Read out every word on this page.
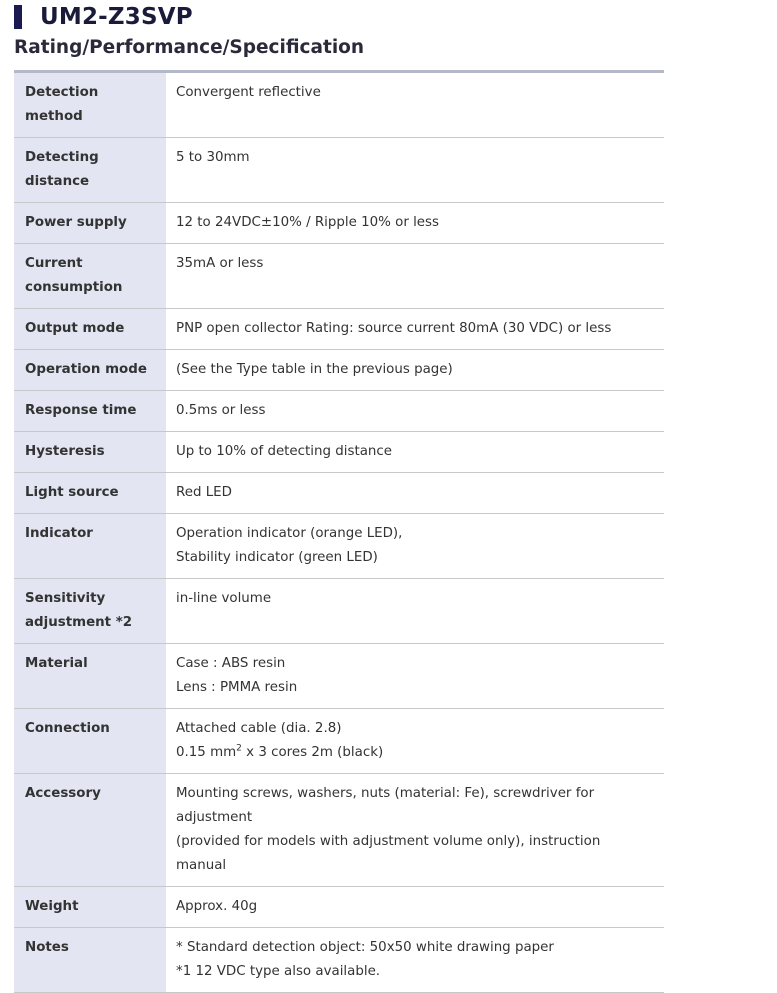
UM2-Z3SVP
Rating/Performance/Specification
Detection method	Convergent reflective

Detecting distance	5 to 30mm

Power supply	12 to 24VDC±10% / Ripple 10% or less

Current consumption	35mA or less

Output mode	PNP open collector Rating: source current 80mA (30 VDC) or less

Operation mode	(See the Type table in the previous page)

Response time	0.5ms or less

Hysteresis	Up to 10% of detecting distance

Light source	Red LED

Indicator	Operation indicator (orange LED),
Stability indicator (green LED)

Sensitivity adjustment *2	in-line volume

Material	Case : ABS resin
Lens : PMMA resin

Connection	Attached cable (dia. 2.8)
0.15 $mm^2$ x 3 cores 2m (black)

Accessory	Mounting screws, washers, nuts (material: Fe), screwdriver for adjustment
(provided for models with adjustment volume only), instruction manual

Weight	Approx. 40g

Notes	* Standard detection object: 50x50 white drawing paper
*1 12 VDC type also available.
